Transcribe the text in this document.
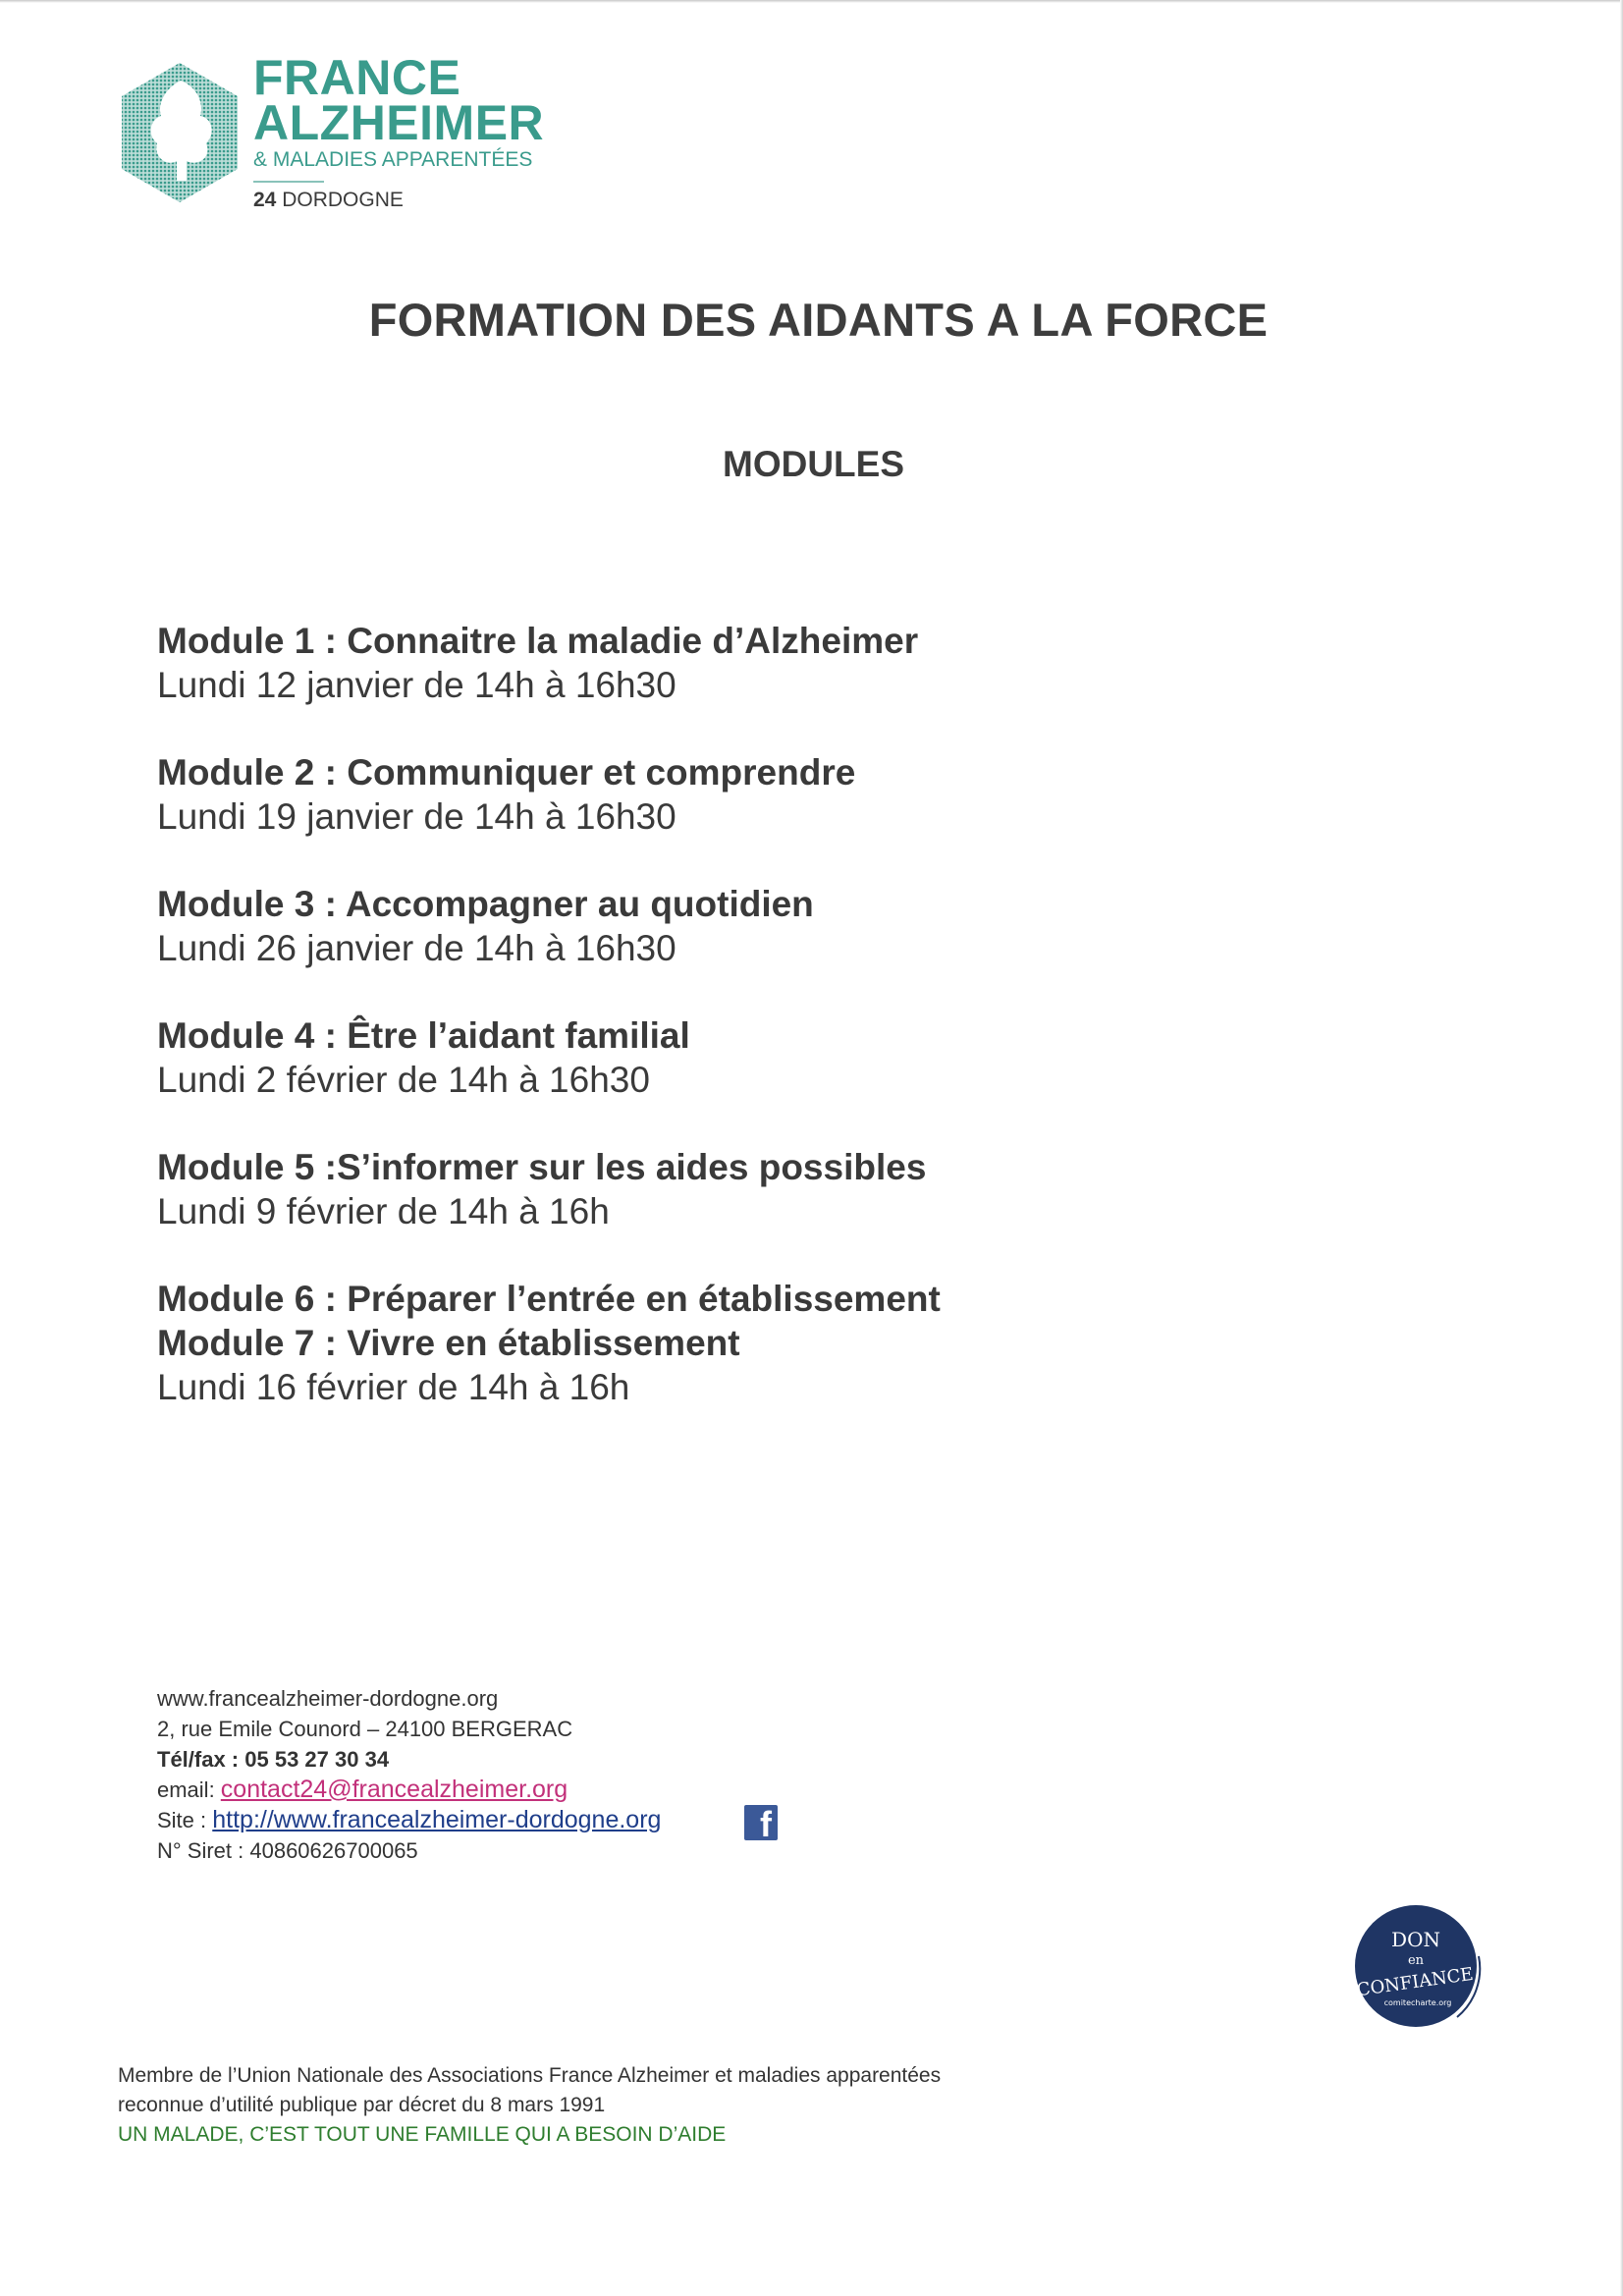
FRANCE
ALZHEIMER
& MALADIES APPARENTÉES
24 DORDOGNE
FORMATION DES AIDANTS A LA FORCE
MODULES
Module 1 : Connaitre la maladie d’Alzheimer
Lundi 12 janvier de 14h à 16h30
Module 2 : Communiquer et comprendre
Lundi 19 janvier de 14h à 16h30
Module 3 : Accompagner au quotidien
Lundi 26 janvier de 14h à 16h30
Module 4 : Être l’aidant familial
Lundi 2 février de 14h à 16h30
Module 5 :S’informer sur les aides possibles
Lundi 9 février de 14h à 16h
Module 6 : Préparer l’entrée en établissement
Module 7 : Vivre en établissement
Lundi 16 février de 14h à 16h
www.francealzheimer-dordogne.org
2, rue Emile Counord – 24100 BERGERAC
Tél/fax : 05 53 27 30 34
email: contact24@francealzheimer.org
Site : http://www.francealzheimer-dordogne.org
N° Siret : 40860626700065
f
DON
en
CONFIANCE
comitecharte.org
Membre de l’Union Nationale des Associations France Alzheimer et maladies apparentées
reconnue d’utilité publique par décret du 8 mars 1991
UN MALADE, C’EST TOUT UNE FAMILLE QUI A BESOIN D’AIDE
